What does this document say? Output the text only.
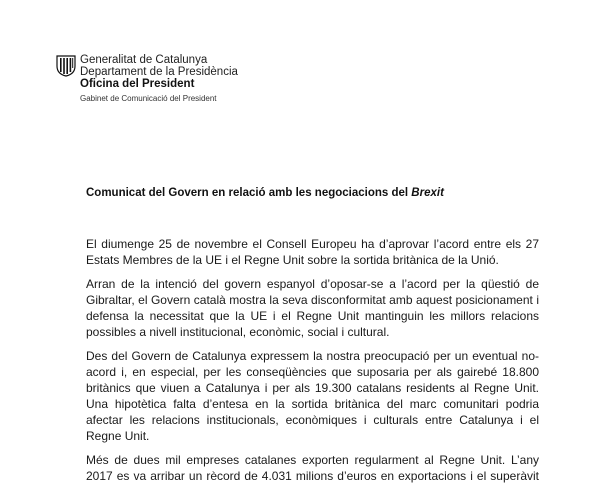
Generalitat de Catalunya
Departament de la Presidència
Oficina del President
Gabinet de Comunicació del President
Comunicat del Govern en relació amb les negociacions del Brexit
El diumenge 25 de novembre el Consell Europeu ha d’aprovar l’acord entre els 27
Estats Membres de la UE i el Regne Unit sobre la sortida britànica de la Unió.
Arran de la intenció del govern espanyol d’oposar-se a l’acord per la qüestió de
Gibraltar, el Govern català mostra la seva disconformitat amb aquest posicionament i
defensa la necessitat que la UE i el Regne Unit mantinguin les millors relacions
possibles a nivell institucional, econòmic, social i cultural.
Des del Govern de Catalunya expressem la nostra preocupació per un eventual no-
acord i, en especial, per les conseqüències que suposaria per als gairebé 18.800
britànics que viuen a Catalunya i per als 19.300 catalans residents al Regne Unit.
Una hipotètica falta d’entesa en la sortida britànica del marc comunitari podria
afectar les relacions institucionals, econòmiques i culturals entre Catalunya i el
Regne Unit.
Més de dues mil empreses catalanes exporten regularment al Regne Unit. L’any
2017 es va arribar un rècord de 4.031 milions d’euros en exportacions i el superàvit
